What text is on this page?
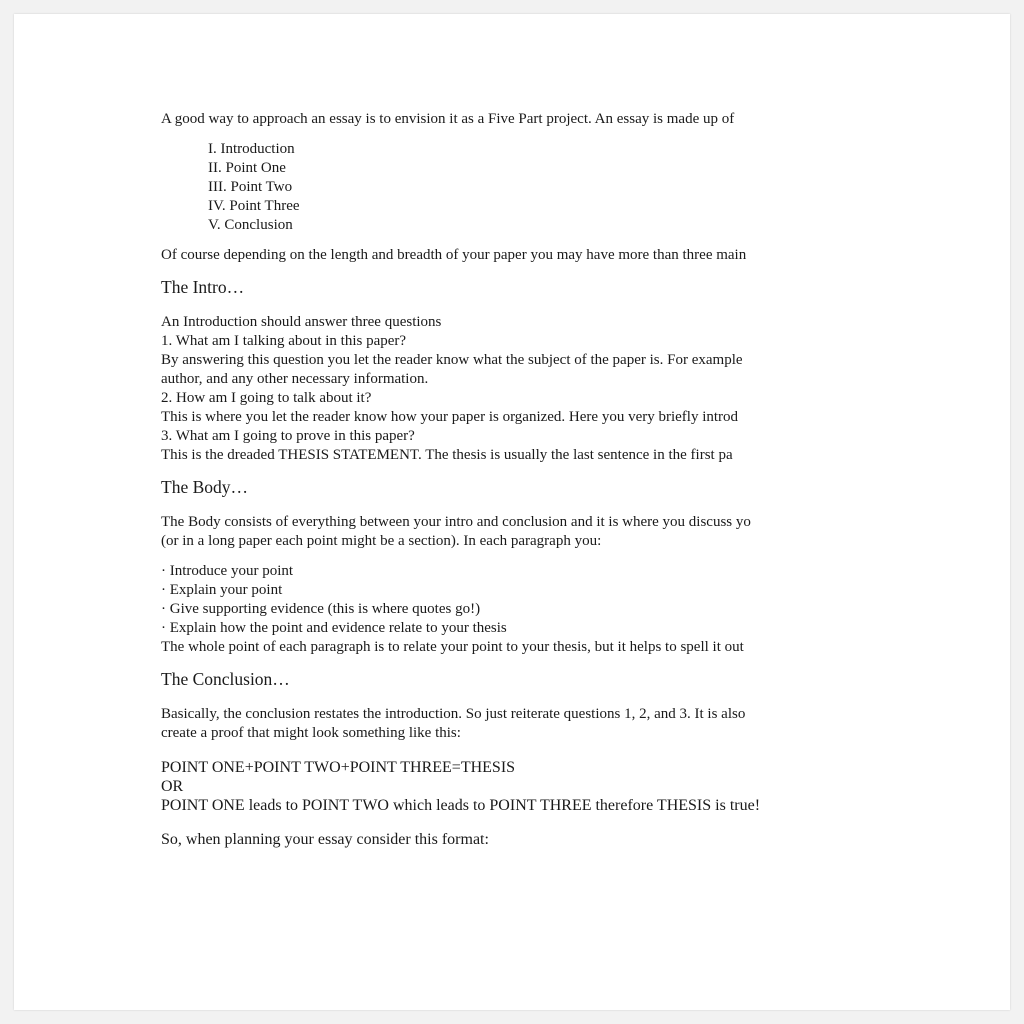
A good way to approach an essay is to envision it as a Five Part project. An essay is made up of

I. Introduction

II. Point One

III. Point Two

IV. Point Three

V. Conclusion

Of course depending on the length and breadth of your paper you may have more than three main

The Intro…

An Introduction should answer three questions

1. What am I talking about in this paper?

By answering this question you let the reader know what the subject of the paper is. For example

author, and any other necessary information.

2. How am I going to talk about it?

This is where you let the reader know how your paper is organized. Here you very briefly introd

3. What am I going to prove in this paper?

This is the dreaded THESIS STATEMENT. The thesis is usually the last sentence in the first pa

The Body…

The Body consists of everything between your intro and conclusion and it is where you discuss yo

(or in a long paper each point might be a section). In each paragraph you:

· Introduce your point

· Explain your point

· Give supporting evidence (this is where quotes go!)

· Explain how the point and evidence relate to your thesis

The whole point of each paragraph is to relate your point to your thesis, but it helps to spell it out

The Conclusion…

Basically, the conclusion restates the introduction. So just reiterate questions 1, 2, and 3. It is also

create a proof that might look something like this:

POINT ONE+POINT TWO+POINT THREE=THESIS

OR

POINT ONE leads to POINT TWO which leads to POINT THREE therefore THESIS is true!

So, when planning your essay consider this format:
